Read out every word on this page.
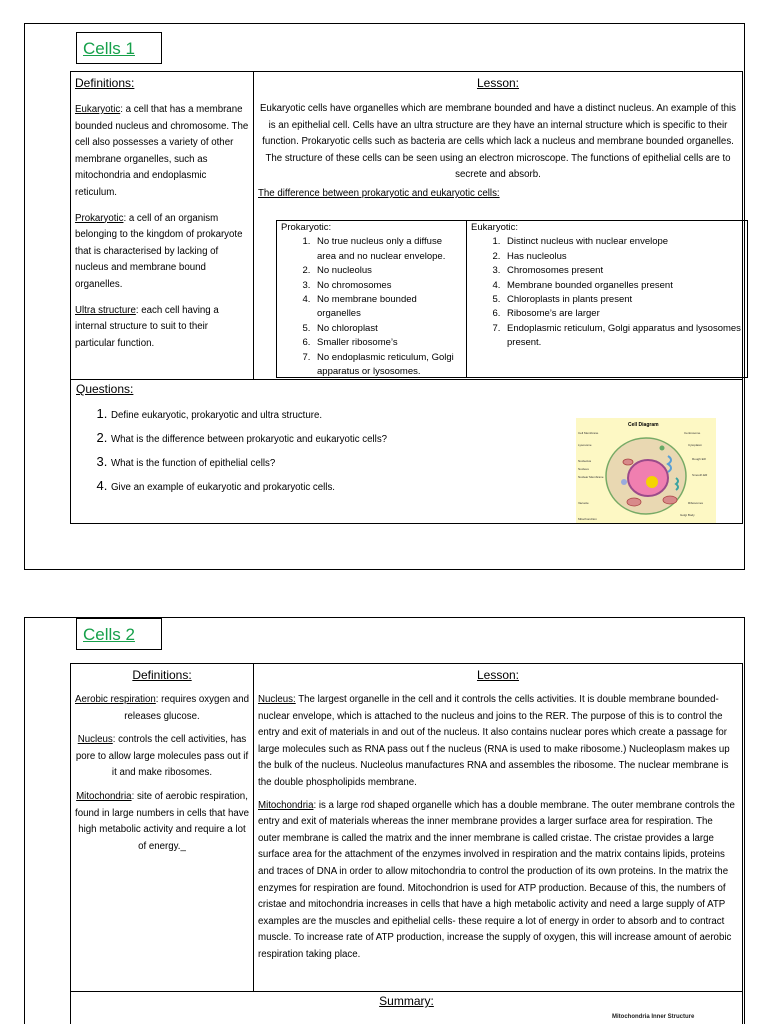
Cells 1
Definitions:
Eukaryotic: a cell that has a membrane bounded nucleus and chromosome. The cell also possesses a variety of other membrane organelles, such as mitochondria and endoplasmic reticulum.
Prokaryotic: a cell of an organism belonging to the kingdom of prokaryote that is characterised by lacking of nucleus and membrane bound organelles.
Ultra structure: each cell having a internal structure to suit to their particular function.
Lesson:
Eukaryotic cells have organelles which are membrane bounded and have a distinct nucleus. An example of this is an epithelial cell. Cells have an ultra structure are they have an internal structure which is specific to their function. Prokaryotic cells such as bacteria are cells which lack a nucleus and membrane bounded organelles. The structure of these cells can be seen using an electron microscope. The functions of epithelial cells are to secrete and absorb.
The difference between prokaryotic and eukaryotic cells:
Prokaryotic:
1. No true nucleus only a diffuse area and no nuclear envelope.
2. No nucleolus
3. No chromosomes
4. No membrane bounded organelles
5. No chloroplast
6. Smaller ribosome’s
7. No endoplasmic reticulum, Golgi apparatus or lysosomes.
Eukaryotic:
1. Distinct nucleus with nuclear envelope
2. Has nucleolus
3. Chromosomes present
4. Membrane bounded organelles present
5. Chloroplasts in plants present
6. Ribosome’s are larger
7. Endoplasmic reticulum, Golgi apparatus and lysosomes present.
Questions:
1. Define eukaryotic, prokaryotic and ultra structure.
2. What is the difference between prokaryotic and eukaryotic cells?
3. What is the function of epithelial cells?
4. Give an example of eukaryotic and prokaryotic cells.
Cell Diagram
Cell Membrane	Centrosome
Lysosome	Cytoplasm
Rough ER
Nucleolus
Nucleus
Nuclear Membrane	Smooth ER
Vacuole	Ribosomes
Golgi Body
Mitochondrion
Cells 2
Definitions:
Aerobic respiration: requires oxygen and releases glucose.
Nucleus: controls the cell activities, has pore to allow large molecules pass out if it and make ribosomes.
Mitochondria: site of aerobic respiration, found in large numbers in cells that have high metabolic activity and require a lot of energy._
Lesson:

Nucleus: The largest organelle in the cell and it controls the cells activities. It is double membrane bounded- nuclear envelope, which is attached to the nucleus and joins to the RER. The purpose of this is to control the entry and exit of materials in and out of the nucleus. It also contains nuclear pores which create a passage for large molecules such as RNA pass out f the nucleus (RNA is used to make ribosome.) Nucleoplasm makes up the bulk of the nucleus. Nucleolus manufactures RNA and assembles the ribosome. The nuclear membrane is the double phospholipids membrane.

Mitochondria: is a large rod shaped organelle which has a double membrane. The outer membrane controls the entry and exit of materials whereas the inner membrane provides a larger surface area for respiration. The outer membrane is called the matrix and the inner membrane is called cristae. The cristae provides a large surface area for the attachment of the enzymes involved in respiration and the matrix contains lipids, proteins and traces of DNA in order to allow mitochondria to control the production of its own proteins. In the matrix the enzymes for respiration are found. Mitochondrion is used for ATP production. Because of this, the numbers of cristae and mitochondria increases in cells that have a high metabolic activity and need a large supply of ATP examples are the muscles and epithelial cells- these require a lot of energy in order to absorb and to contract muscle. To increase rate of ATP production, increase the supply of oxygen, this will increase amount of aerobic respiration taking place.

Summary:
Mitochondria Inner Structure
